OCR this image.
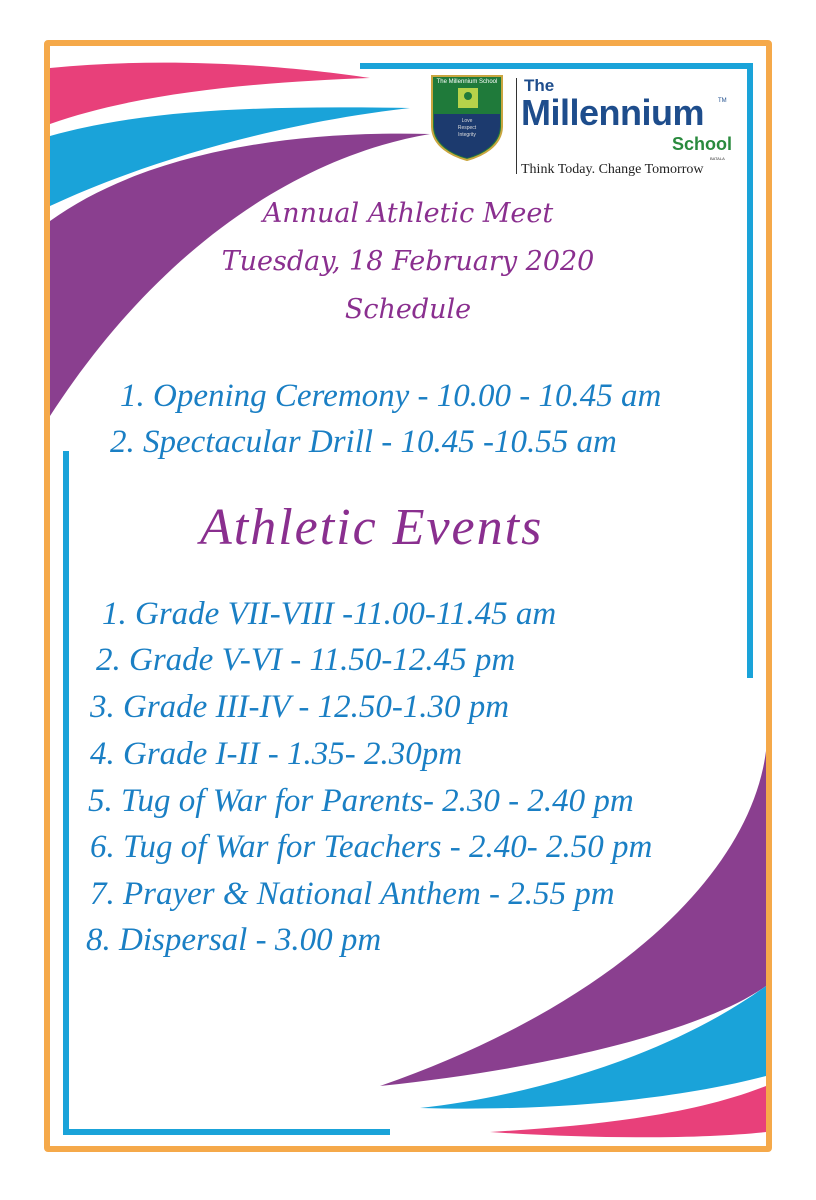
The Millennium School
Love
Respect
Integrity
The
Millennium TM
School
BATALA
Think Today. Change Tomorrow
Annual Athletic Meet
Tuesday, 18 February 2020
Schedule
1. Opening Ceremony - 10.00 - 10.45 am
2. Spectacular Drill - 10.45 -10.55 am
Athletic Events
1. Grade VII-VIII -11.00-11.45 am
2. Grade V-VI - 11.50-12.45 pm
3. Grade III-IV - 12.50-1.30 pm
4. Grade I-II - 1.35- 2.30pm
5. Tug of War for Parents- 2.30 - 2.40 pm
6. Tug of War for Teachers - 2.40- 2.50 pm
7. Prayer & National Anthem - 2.55 pm
8. Dispersal - 3.00 pm
